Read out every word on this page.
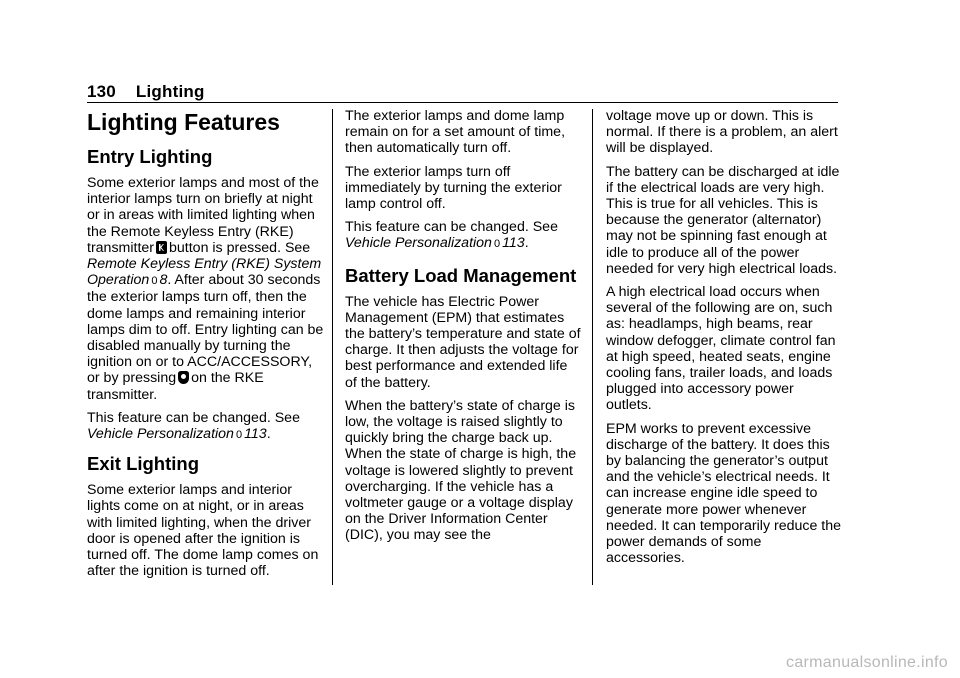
130 Lighting
Lighting Features
Entry Lighting

Some exterior lamps and most of the interior lamps turn on briefly at night or in areas with limited lighting when the Remote Keyless Entry (RKE) transmitter button is pressed. See Remote Keyless Entry (RKE) System Operation 0 8. After about 30 seconds the exterior lamps turn off, then the dome lamps and remaining interior lamps dim to off. Entry lighting can be disabled manually by turning the ignition on or to ACC/ACCESSORY, or by pressing on the RKE transmitter.

This feature can be changed. See Vehicle Personalization 0 113.

Exit Lighting

Some exterior lamps and interior lights come on at night, or in areas with limited lighting, when the driver door is opened after the ignition is turned off. The dome lamp comes on after the ignition is turned off.

The exterior lamps and dome lamp remain on for a set amount of time, then automatically turn off.

The exterior lamps turn off immediately by turning the exterior lamp control off.

This feature can be changed. See Vehicle Personalization 0 113.

Battery Load Management

The vehicle has Electric Power Management (EPM) that estimates the battery’s temperature and state of charge. It then adjusts the voltage for best performance and extended life of the battery.

When the battery’s state of charge is low, the voltage is raised slightly to quickly bring the charge back up. When the state of charge is high, the voltage is lowered slightly to prevent overcharging. If the vehicle has a voltmeter gauge or a voltage display on the Driver Information Center (DIC), you may see the

voltage move up or down. This is normal. If there is a problem, an alert will be displayed.

The battery can be discharged at idle if the electrical loads are very high. This is true for all vehicles. This is because the generator (alternator) may not be spinning fast enough at idle to produce all of the power needed for very high electrical loads.

A high electrical load occurs when several of the following are on, such as: headlamps, high beams, rear window defogger, climate control fan at high speed, heated seats, engine cooling fans, trailer loads, and loads plugged into accessory power outlets.

EPM works to prevent excessive discharge of the battery. It does this by balancing the generator’s output and the vehicle’s electrical needs. It can increase engine idle speed to generate more power whenever needed. It can temporarily reduce the power demands of some accessories.

carmanualsonline.info
